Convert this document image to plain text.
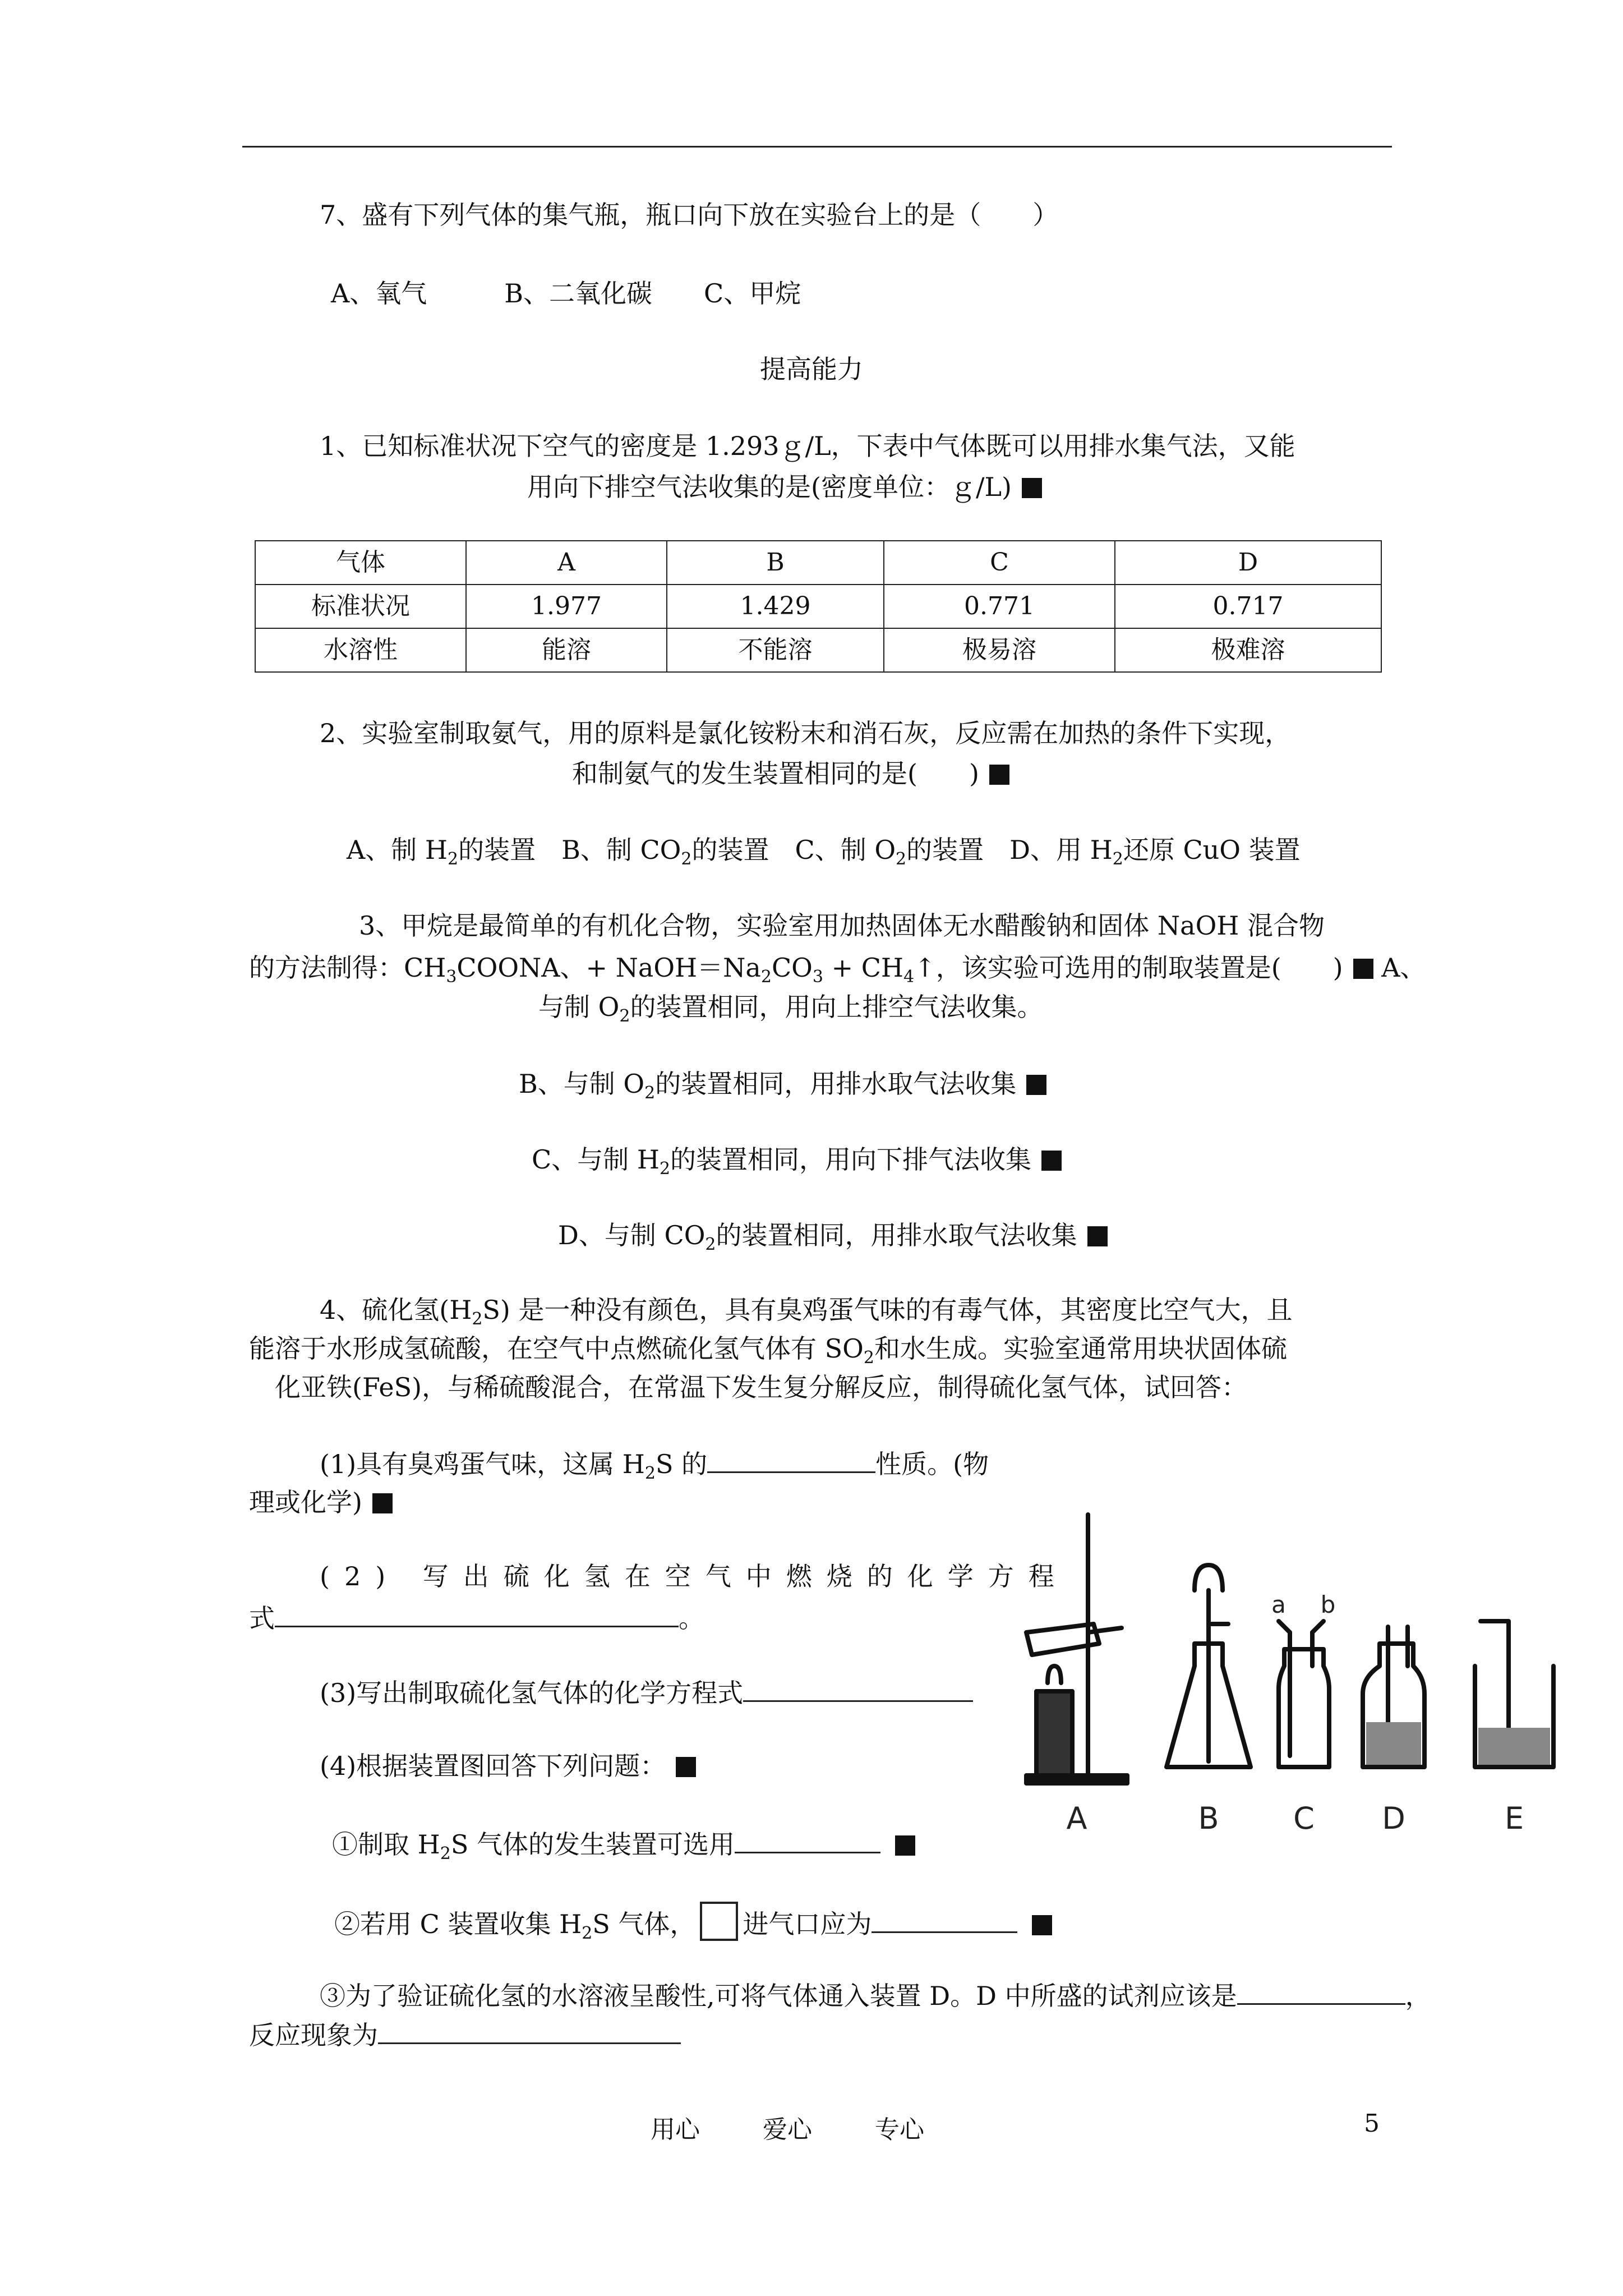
7、盛有下列气体的集气瓶，瓶口向下放在实验台上的是（　　）
A、氧气　　　B、二氧化碳　　C、甲烷
提高能力
1、已知标准状况下空气的密度是 1.293ｇ/L，下表中气体既可以用排水集气法，又能
用向下排空气法收集的是(密度单位：ｇ/L)
气体	A	B	C	D
标准状况	1.977	1.429	0.771	0.717
水溶性	能溶	不能溶	极易溶	极难溶
2、实验室制取氨气，用的原料是氯化铵粉末和消石灰，反应需在加热的条件下实现，
和制氨气的发生装置相同的是(　　)
A、制 $H_2$的装置　 B、制 $CO_2$的装置　 C、制 $O_2$的装置　 D、用 $H_2$还原 CuO 装置
3、甲烷是最简单的有机化合物，实验室用加热固体无水醋酸钠和固体 NaOH 混合物
的方法制得：$CH_3COONA$、+ $NaOH=Na_2CO_3$ + $CH_4↑$，该实验可选用的制取装置是(　　) A、
与制 $O_2$的装置相同，用向上排空气法收集。
B、与制 $O_2$的装置相同，用排水取气法收集
C、与制 $H_2$的装置相同，用向下排气法收集
D、与制 $CO_2$的装置相同，用排水取气法收集
4、硫化氢$(H_2S)$ 是一种没有颜色，具有臭鸡蛋气味的有毒气体，其密度比空气大，且
能溶于水形成氢硫酸，在空气中点燃硫化氢气体有 $SO_2$和水生成。实验室通常用块状固体硫
化亚铁(FeS)，与稀硫酸混合，在常温下发生复分解反应，制得硫化氢气体，试回答：
(1)具有臭鸡蛋气味，这属 $H_2S$ 的	性质。(物
理或化学)
(2) 写出硫化氢在空气中燃烧的化学方程
式	。
(3)写出制取硫化氢气体的化学方程式
(4)根据装置图回答下列问题：
①制取 $H_2S$ 气体的发生装置可选用
②若用 C 装置收集 $H_2S$ 气体， 进气口应为
③为了验证硫化氢的水溶液呈酸性,可将气体通入装置 D。D 中所盛的试剂应该是	，
反应现象为
A	B C D	E
a b
用心	爱心	专心	5
